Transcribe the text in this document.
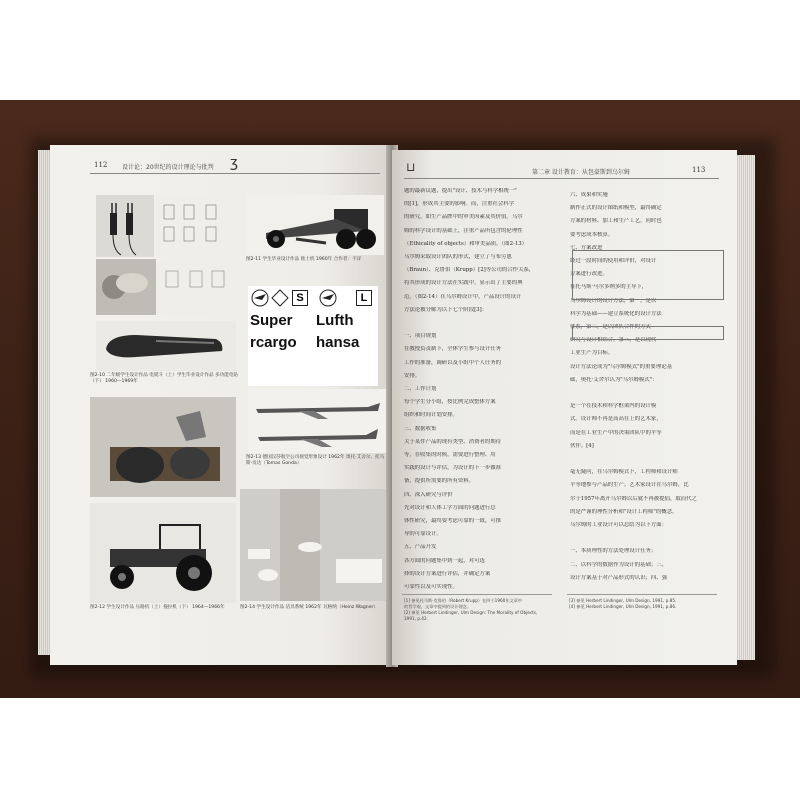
112 设计论：20世纪的设计理论与批判 ʒ
图2-10 二年级学生设计作品 电熨斗（上）学生毕业设计作品 多功能电钻（下） 1960—1969年
图2-11 学生毕业设计作品 推土机 1960年 合作者：不详
S	L
Super Lufth
rcargo hansa
图2-13 德国汉莎航空公司视觉形象设计 1962年 奥托·艾舍尔、托马斯·贡达（Tomas Gonda）
图2-12 学生设计作品 压路机（上）拖拉机（下） 1964—1966年	图2-14 学生设计作品 洁具系统 1962年 瓦格纳（Heinz Wagner）
⊔	第二章 设计教育：从包豪斯到乌尔姆	113
题的最新议题，提出"设计、技术与科学相统一"
的[1]，形成其主要的影响。而，注重社会科学
的研究，如生产品牌中的审美因素及其价值。乌尔
姆的科学设计的基础上，注重产品所包含的伦理性
（Ethicality of objects）和审美品质。（图2-13）
乌尔姆采取设计团队的形式，建立了与布劳恩
（Braun）、克鲁伯（Krupp）[2]等公司的合作关系，
将其形成的设计方法在实践中，显示出了主要的典
范。（图2-14）在乌尔姆设计中，产品设计的设计
方法论被分解为以下七个阶段[3]：
一、项目规划
在教授负责制下，全体学生参与设计任务
工作的准备，调研以及小组中个人任务的
安排。
二、工作计划
每个学生分小组，按比例完成整体方案
组织和时间计划安排。
三、数据收集
关于某件产品的现有类型、消费者的期待
等，在收集的时候，需要进行整理、用
实践的设计与评估，为设计的下一步做准
备，提供所需要的所有资料。
四、深入研究与评价
先对设计和人体工学方面的问题进行总
体性研究，最终要考虑可靠的一致，可推
导的可靠设计。
五、产品开发
各方面的问题集中到一起，对可选
择的设计方案进行评估，并确定方案
可靠性以及可实现性。
六、成果和实施
制作正式的设计图纸和模型，最终确定
方案的材料、加工和生产工艺，同时也
要考虑成本核算。
七、方案改进
经过一段时间的使用和评价，对设计
方案进行改进。
在托马斯·马尔多纳多的主导下，
乌尔姆设计的设计方法，第一，是以
科学为基础——建立系统化的设计方法
体系，第二，是以团队合作的方式——
研究与设计相结合，第三，是以现代
工业生产为目标。
设计方法论成为"乌尔姆模式"的重要理论基
础，奥托·艾舍尔认为"乌尔姆模式"：
是一个在技术和科学框架内的设计模
式。设计师不再是高高在上的艺术家，
而是在工业生产中的决策团队中的平等
伙伴。[4]
毫无疑问，在乌尔姆模式下，工程师和设计师
平等地参与产品的生产。艺术家设计在乌尔姆，比
尔于1957年离开乌尔姆以后就不再被提倡，取而代之
的是严谨的理性分析和"设计工程师"的概念。
乌尔姆的工业设计可以总结为以下方面：
一、本质理性的方法处理设计任务；
二、以科学的数据作为设计的基础；三、
设计方案基于对产品形式的认识；四、强
[1] 参见托马斯·克鲁伯（Robert Krupp）在四个1960年文章中
的哲学观，文章中提到的设计理念。
[2] 参见 Herbert Lindinger, Ulm Design: The Morality of Objects,
1991, p.42.
[3] 参见 Herbert Lindinger, Ulm Design, 1991, p.85.
[4] 参见 Herbert Lindinger, Ulm Design, 1991, p.86.
